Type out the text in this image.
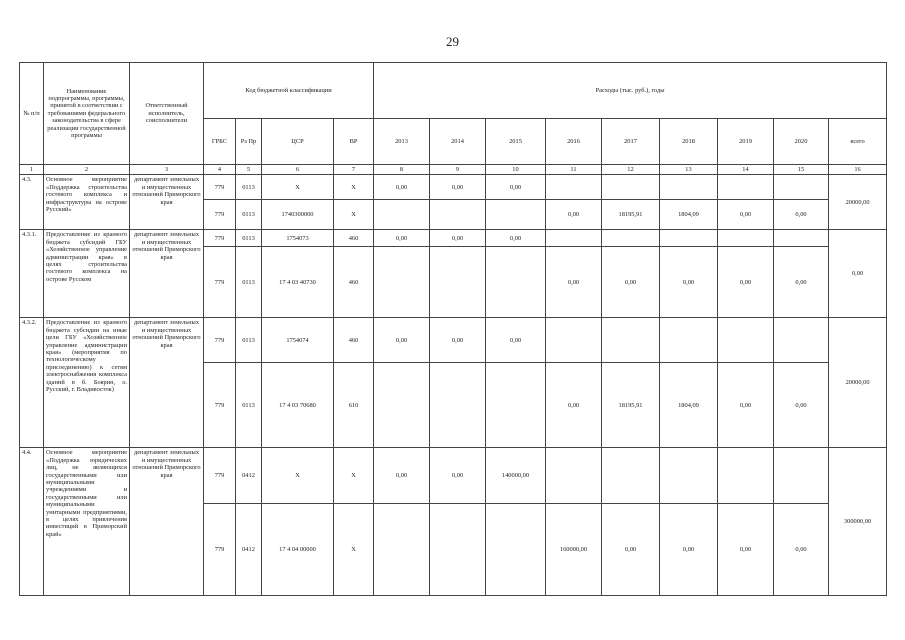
29
№ п/п	Наименование подпрограммы, программы, принятой в соответствии с требованиями федерального законодательства в сфере реализации государственной программы	Ответственный исполнитель, соисполнители	Код бюджетной классификации				Расходы (тыс. руб.), годы								
			ГРБС	Рз Пр	ЦСР	ВР	2013	2014	2015	2016	2017	2018	2019	2020	всего
1	2	3	4	5	6	7	8	9	10	11	12	13	14	15	16
4.3.	Основное мероприятие «Поддержка строительства гостевого комплекса и инфраструктуры на острове Русский»	департамент земельных и имущественных отношений Приморского края	779	0113	Х	Х	0,00	0,00	0,00						20000,00
			779	0113	1740300000	Х				0,00	18195,91	1804,09	0,00	0,00	
4.3.1.	Предоставление из краевого бюджета субсидий ГБУ «Хозяйственное управление администрации края» в целях строительства гостевого комплекса на острове Русском	департамент земельных и имущественных отношений Приморского края	779	0113	1754073	460	0,00	0,00	0,00						0,00
			779	0113	17 4 03 40730	460				0,00	0,00	0,00	0,00	0,00	
4.3.2.	Предоставление из краевого бюджета субсидии на иные цели ГБУ «Хозяйственное управление администрации края» (мероприятия по технологическому присоединению) к сетям электроснабжения комплекса зданий в б. Боярин, о. Русский, г. Владивосток)	департамент земельных и имущественных отношений Приморского края	779	0113	1754074	460	0,00	0,00	0,00						20000,00
			779	0113	17 4 03 70680	610				0,00	18195,91	1804,09	0,00	0,00	
4.4.	Основное мероприятие «Поддержка юридических лиц, не являющихся государственными или муниципальными учреждениями и государственными или муниципальными унитарными предприятиями, в целях привлечения инвестиций в Приморский край»	департамент земельных и имущественных отношений Приморского края	779	0412	Х	Х	0,00	0,00	140000,00						300000,00
			779	0412	17 4 04 00000	Х				160000,00	0,00	0,00	0,00	0,00	
